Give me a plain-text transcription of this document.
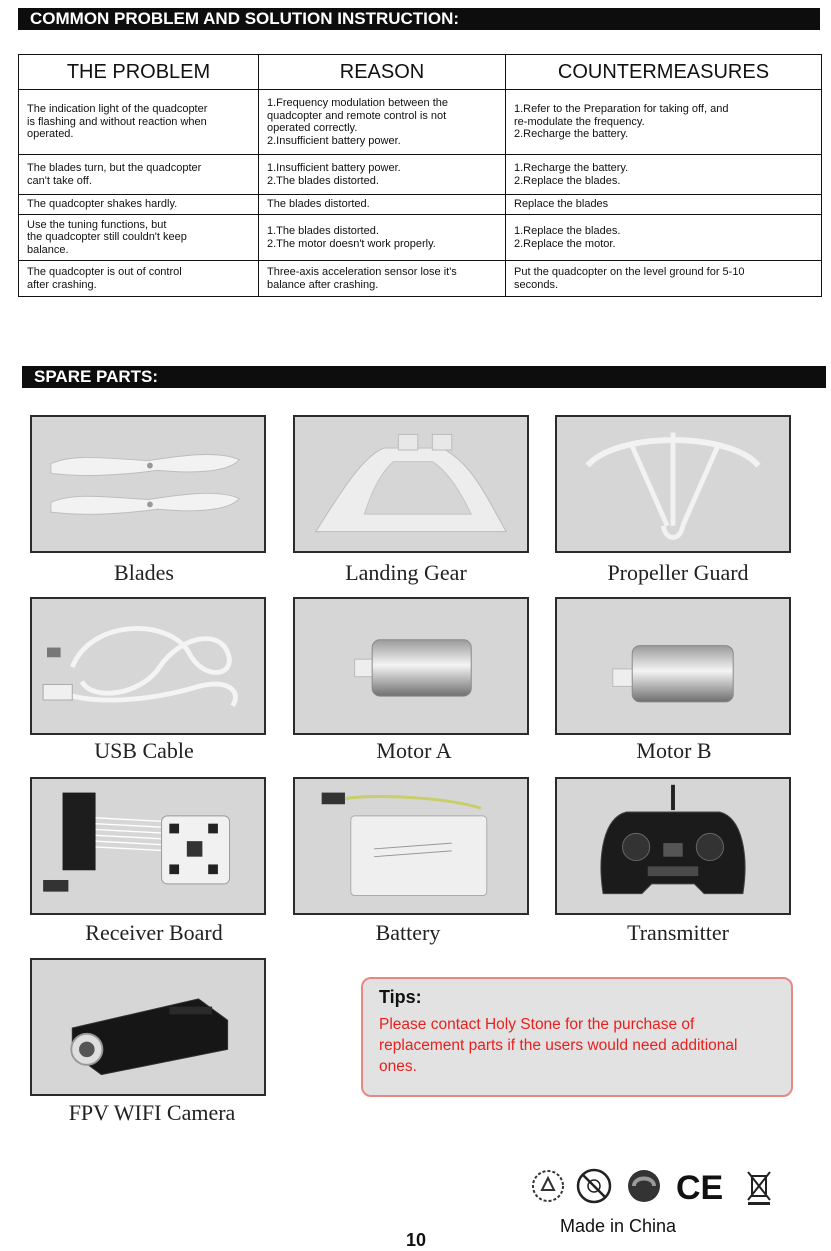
COMMON PROBLEM AND SOLUTION INSTRUCTION:
THE PROBLEM	REASON	COUNTERMEASURES
The indication light of the quadcopter
is flashing and without reaction when
operated.	1.Frequency modulation between the
quadcopter and remote control is not
operated correctly.
2.Insufficient battery power.	1.Refer to the Preparation for taking off, and
re-modulate the frequency.
2.Recharge the battery.
The blades turn, but the quadcopter
can't take off.	1.Insufficient battery power.
2.The blades distorted.	1.Recharge the battery.
2.Replace the blades.
The quadcopter shakes hardly.	The blades distorted.	Replace the blades
Use the tuning functions, but
the quadcopter still couldn't keep
balance.	1.The blades distorted.
2.The motor doesn't work properly.	1.Replace the blades.
2.Replace the motor.
The quadcopter is out of control
after crashing.	Three-axis acceleration sensor lose it's
balance after crashing.	Put the quadcopter on the level ground for 5-10
seconds.
SPARE PARTS:
Blades	Landing Gear	Propeller Guard
USB Cable	Motor A	Motor B
Receiver Board	Battery	Transmitter
FPV WIFI Camera
Tips:
Please contact Holy Stone for the purchase of replacement parts if the users would need additional ones.
CE
Made in China
10
